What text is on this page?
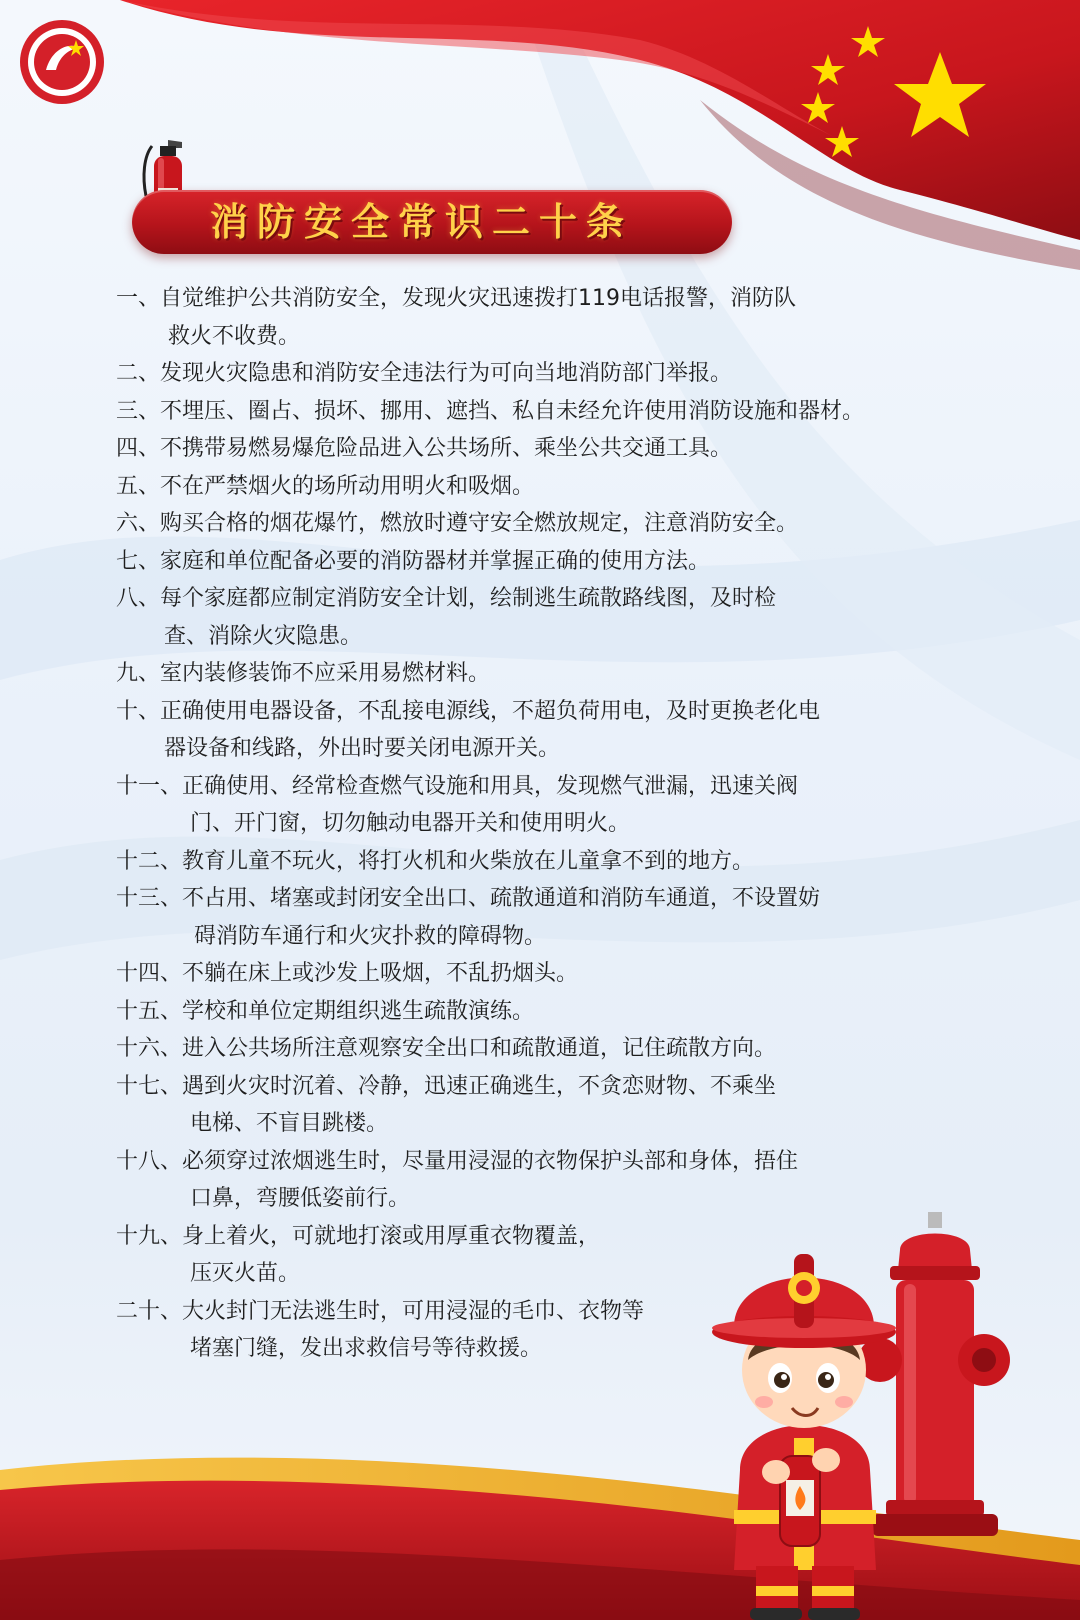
消防安全常识二十条
一、自觉维护公共消防安全，发现火灾迅速拨打119电话报警，消防队
救火不收费。
二、发现火灾隐患和消防安全违法行为可向当地消防部门举报。
三、不埋压、圈占、损坏、挪用、遮挡、私自未经允许使用消防设施和器材。
四、不携带易燃易爆危险品进入公共场所、乘坐公共交通工具。
五、不在严禁烟火的场所动用明火和吸烟。
六、购买合格的烟花爆竹，燃放时遵守安全燃放规定，注意消防安全。
七、家庭和单位配备必要的消防器材并掌握正确的使用方法。
八、每个家庭都应制定消防安全计划，绘制逃生疏散路线图，及时检
查、消除火灾隐患。
九、室内装修装饰不应采用易燃材料。
十、正确使用电器设备，不乱接电源线，不超负荷用电，及时更换老化电
器设备和线路，外出时要关闭电源开关。
十一、正确使用、经常检查燃气设施和用具，发现燃气泄漏，迅速关阀
门、开门窗，切勿触动电器开关和使用明火。
十二、教育儿童不玩火，将打火机和火柴放在儿童拿不到的地方。
十三、不占用、堵塞或封闭安全出口、疏散通道和消防车通道，不设置妨
碍消防车通行和火灾扑救的障碍物。
十四、不躺在床上或沙发上吸烟，不乱扔烟头。
十五、学校和单位定期组织逃生疏散演练。
十六、进入公共场所注意观察安全出口和疏散通道，记住疏散方向。
十七、遇到火灾时沉着、冷静，迅速正确逃生，不贪恋财物、不乘坐
电梯、不盲目跳楼。
十八、必须穿过浓烟逃生时，尽量用浸湿的衣物保护头部和身体，捂住
口鼻，弯腰低姿前行。
十九、身上着火，可就地打滚或用厚重衣物覆盖，
压灭火苗。
二十、大火封门无法逃生时，可用浸湿的毛巾、衣物等
堵塞门缝，发出求救信号等待救援。
